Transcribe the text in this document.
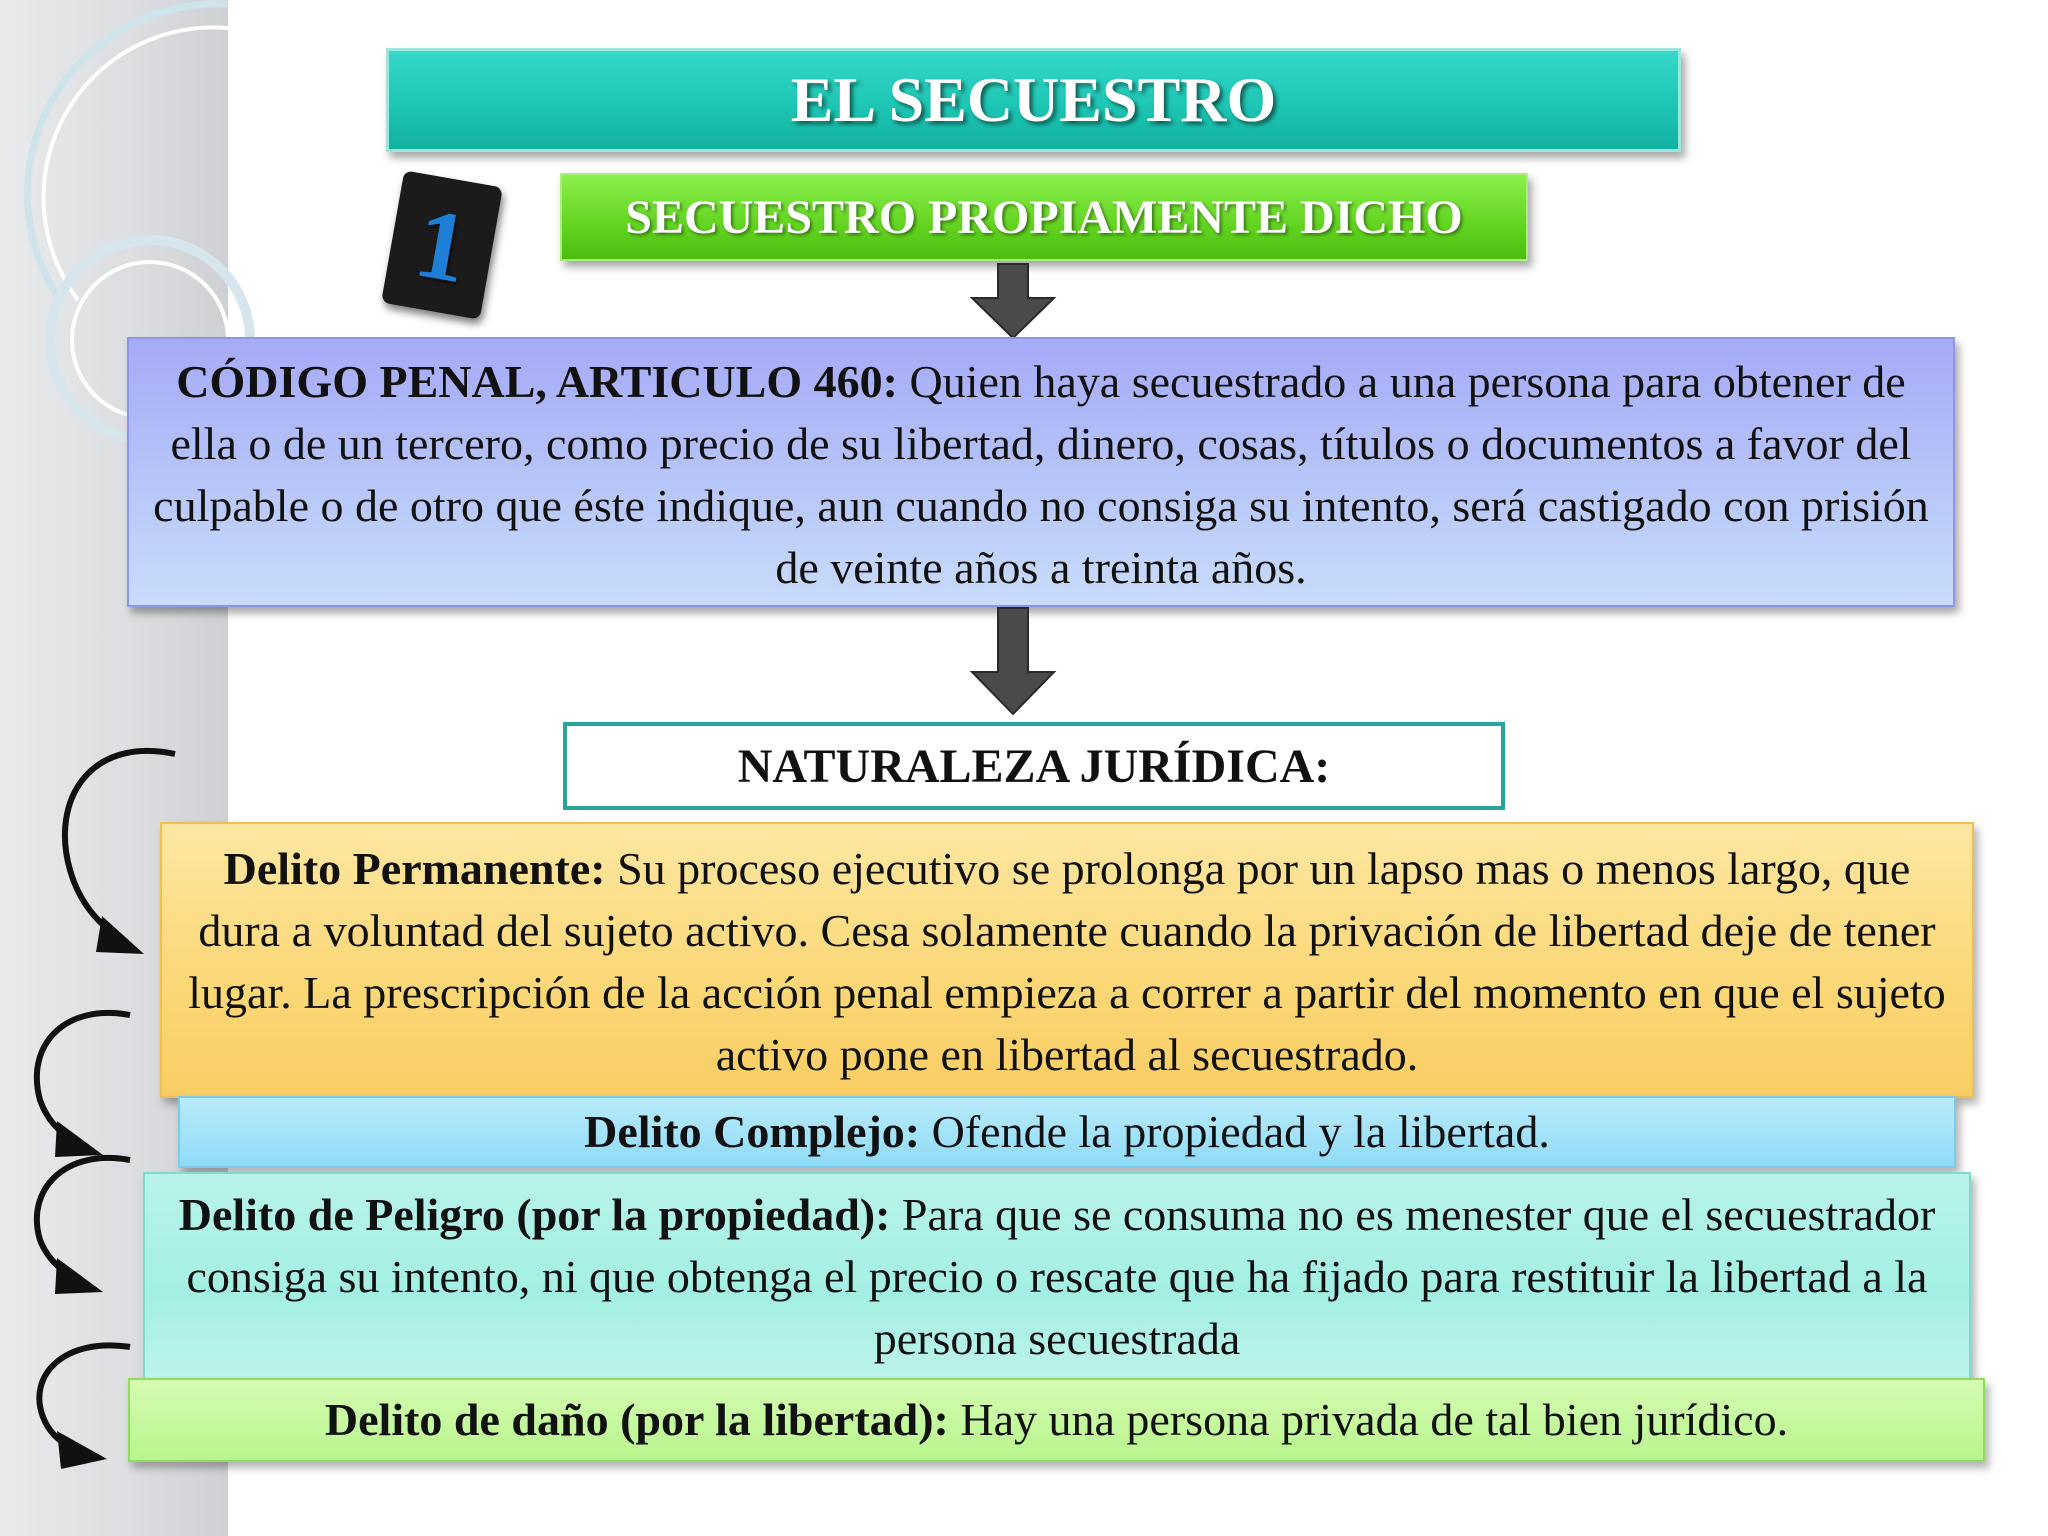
EL SECUESTRO
1	SECUESTRO PROPIAMENTE DICHO
CÓDIGO PENAL, ARTICULO 460: Quien haya secuestrado a una persona para obtener de ella o de un tercero, como precio de su libertad, dinero, cosas, títulos o documentos a favor del culpable o de otro que éste indique, aun cuando no consiga su intento, será castigado con prisión de veinte años a treinta años.
NATURALEZA JURÍDICA:
Delito Permanente: Su proceso ejecutivo se prolonga por un lapso mas o menos largo, que dura a voluntad del sujeto activo. Cesa solamente cuando la privación de libertad deje de tener lugar. La prescripción de la acción penal empieza a correr a partir del momento en que el sujeto activo pone en libertad al secuestrado.
Delito Complejo: Ofende la propiedad y la libertad.
Delito de Peligro (por la propiedad): Para que se consuma no es menester que el secuestrador consiga su intento, ni que obtenga el precio o rescate que ha fijado para restituir la libertad a la persona secuestrada
Delito de daño (por la libertad): Hay una persona privada de tal bien jurídico.
